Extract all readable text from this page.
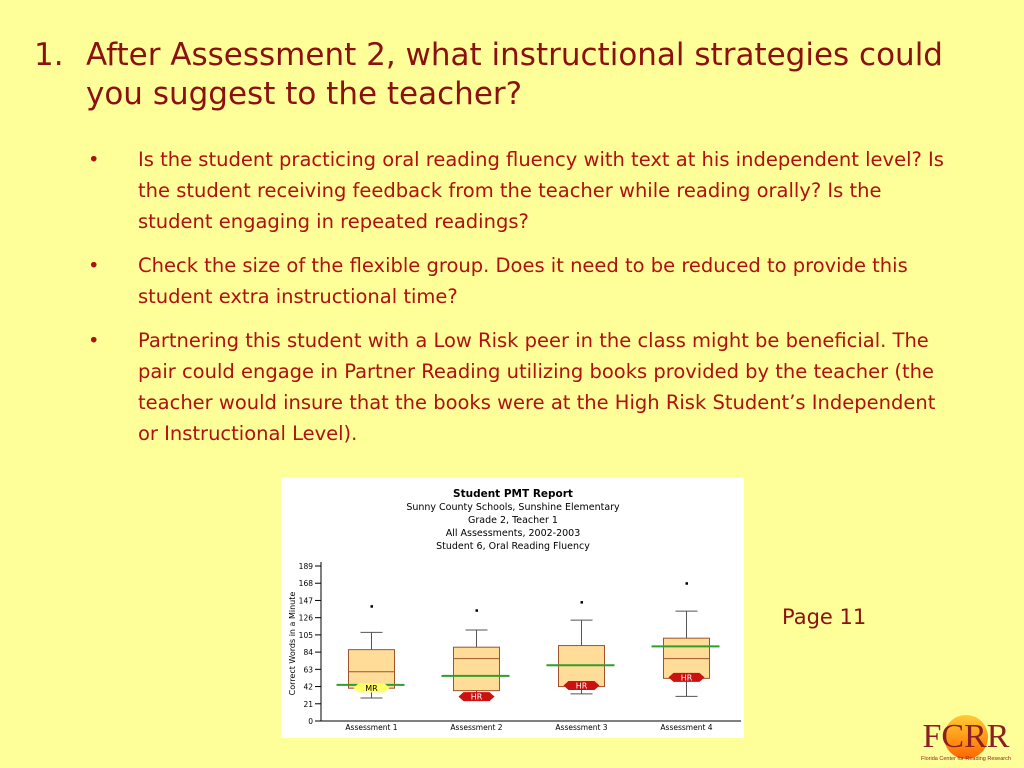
1. After Assessment 2, what instructional strategies could you suggest to the teacher?
•	Is the student practicing oral reading fluency with text at his independent level? Is the student receiving feedback from the teacher while reading orally? Is the student engaging in repeated readings?
•	Check the size of the flexible group. Does it need to be reduced to provide this student extra instructional time?
•	Partnering this student with a Low Risk peer in the class might be beneficial. The pair could engage in Partner Reading utilizing books provided by the teacher (the teacher would insure that the books were at the High Risk Student’s Independent or Instructional Level).
Student PMT Report
Sunny County Schools, Sunshine Elementary
Grade 2, Teacher 1
All Assessments, 2002-2003
Student 6, Oral Reading Fluency
0
21
42
63
84
105
126
147
168
189
Correct Words in a Minute
Assessment 1
MR
Assessment 2
HR
Assessment 3
HR
Assessment 4
HR
Page 11
FCRR
Florida Center for Reading Research
